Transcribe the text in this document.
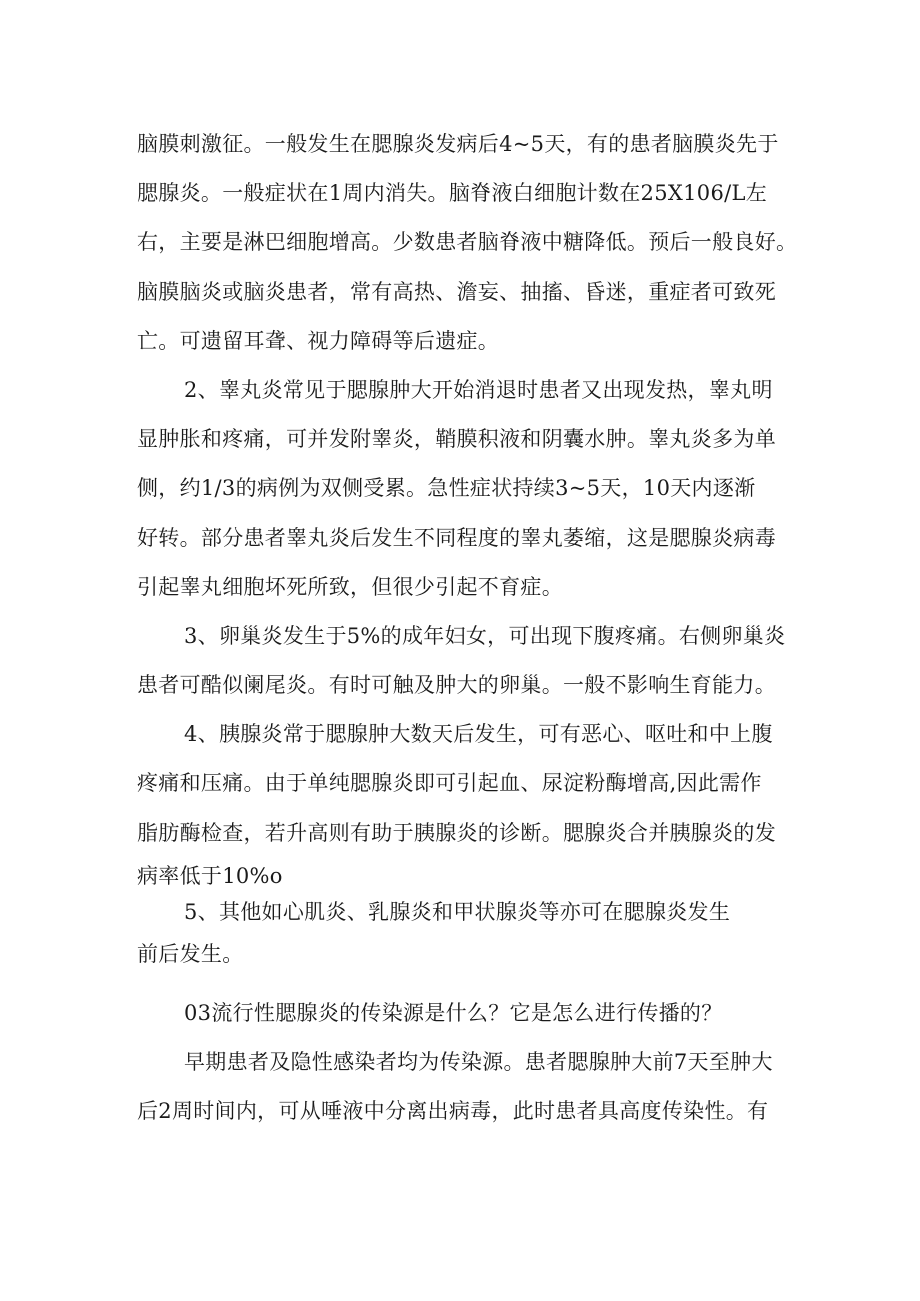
脑膜刺激征。一般发生在腮腺炎发病后4~5天，有的患者脑膜炎先于
腮腺炎。一般症状在1周内消失。脑脊液白细胞计数在25X106/L左
右，主要是淋巴细胞增高。少数患者脑脊液中糖降低。预后一般良好。
脑膜脑炎或脑炎患者，常有高热、澹妄、抽搐、昏迷，重症者可致死
亡。可遗留耳聋、视力障碍等后遗症。
2、睾丸炎常见于腮腺肿大开始消退时患者又出现发热，睾丸明
显肿胀和疼痛，可并发附睾炎，鞘膜积液和阴囊水肿。睾丸炎多为单
侧，约1/3的病例为双侧受累。急性症状持续3~5天，10天内逐渐
好转。部分患者睾丸炎后发生不同程度的睾丸萎缩，这是腮腺炎病毒
引起睾丸细胞坏死所致，但很少引起不育症。
3、卵巢炎发生于5%的成年妇女，可出现下腹疼痛。右侧卵巢炎
患者可酷似阑尾炎。有时可触及肿大的卵巢。一般不影响生育能力。
4、胰腺炎常于腮腺肿大数天后发生，可有恶心、呕吐和中上腹
疼痛和压痛。由于单纯腮腺炎即可引起血、尿淀粉酶增高,因此需作
脂肪酶检查，若升高则有助于胰腺炎的诊断。腮腺炎合并胰腺炎的发
病率低于10%o
5、其他如心肌炎、乳腺炎和甲状腺炎等亦可在腮腺炎发生
前后发生。
03流行性腮腺炎的传染源是什么？它是怎么进行传播的？
早期患者及隐性感染者均为传染源。患者腮腺肿大前7天至肿大
后2周时间内，可从唾液中分离出病毒，此时患者具高度传染性。有
